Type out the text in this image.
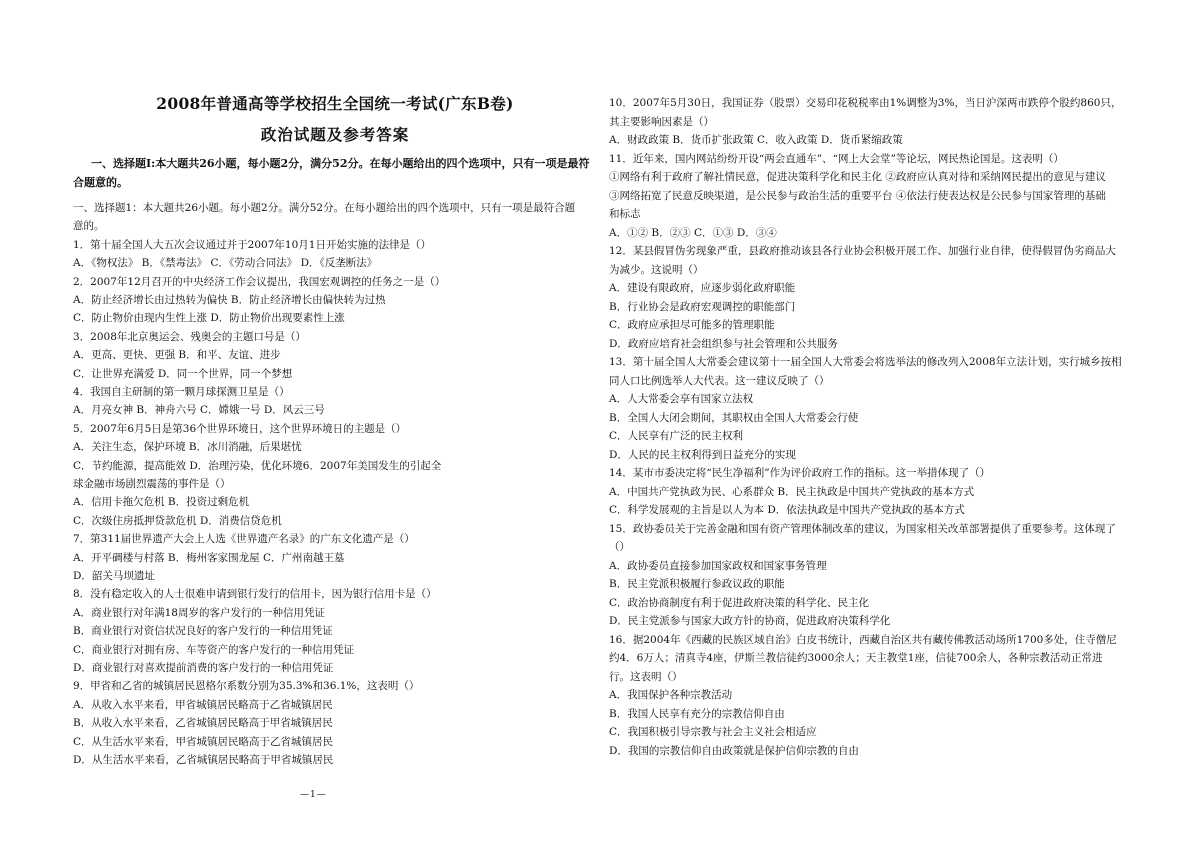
2008年普通高等学校招生全国统一考试(广东B卷)
政治试题及参考答案
一、选择题I:本大题共26小题，每小题2分，满分52分。在每小题给出的四个选项中，只有一项是最符合题意的。
一、选择题1：本大题共26小题。每小题2分。满分52分。在每小题给出的四个选项中，只有一项是最符合题
意的。
1．第十届全国人大五次会议通过并于2007年10月1日开始实施的法律是（）
A．《物权法》 B．《禁毒法》 C．《劳动合同法》 D．《反垄断法》
2．2007年12月召开的中央经济工作会议提出，我国宏观调控的任务之一是（）
A．防止经济增长由过热转为偏快 B．防止经济增长由偏快转为过热
C．防止物价由现内生性上涨 D．防止物价出现要素性上涨
3．2008年北京奥运会、残奥会的主题口号是（）
A．更高、更快、更强 B．和平、友谊、进步
C．让世界充满爱 D．同一个世界，同一个梦想
4．我国自主研制的第一颗月球探测卫星是（）
A．月亮女神 B．神舟六号 C．嫦娥一号 D．风云三号
5．2007年6月5日是第36个世界环境日，这个世界环境日的主题是（）
A．关注生态，保护环境 B．冰川消融，后果堪忧
C．节约能源，提高能效 D．治理污染，优化环境6．2007年美国发生的引起全
球金融市场剧烈震荡的事件是（）
A．信用卡拖欠危机 B．投资过剩危机
C．次级住房抵押贷款危机 D．消费信贷危机
7．第311届世界遗产大会上人选《世界遗产名录》的广东文化遗产是（）
A．开平碉楼与村落 B．梅州客家围龙屋 C．广州南越王墓
D．韶关马坝遗址
8．没有稳定收入的人士很难申请到银行发行的信用卡，因为银行信用卡是（）
A．商业银行对年满18周岁的客户发行的一种信用凭证
B．商业银行对资信状况良好的客户发行的一种信用凭证
C．商业银行对拥有房、车等资产的客户发行的一种信用凭证
D．商业银行对喜欢提前消费的客户发行的一种信用凭证
9．甲省和乙省的城镇居民恩格尔系数分别为35.3%和36.1%，这表明（）
A．从收入水平来看，甲省城镇居民略高于乙省城镇居民
B．从收入水平来看，乙省城镇居民略高于甲省城镇居民
C．从生活水平来看，甲省城镇居民略高于乙省城镇居民
D．从生活水平来看，乙省城镇居民略高于甲省城镇居民
10．2007年5月30日，我国证券（股票）交易印花税税率由1%调整为3%，当日沪深两市跌停个股约860只，
其主要影响因素是（）
A．财政政策 B．货币扩张政策 C．收入政策 D．货币紧缩政策
11．近年来，国内网站纷纷开设“两会直通车”、“网上大会堂”等论坛，网民热论国是。这表明（）
①网络有利于政府了解社情民意，促进决策科学化和民主化 ②政府应认真对待和采纳网民提出的意见与建议
③网络拓宽了民意反映渠道，是公民参与政治生活的重要平台 ④依法行使表达权是公民参与国家管理的基础
和标志
A．①② B．②③ C．①③ D．③④
12．某县假冒伪劣现象严重，县政府推动该县各行业协会积极开展工作、加强行业自律，使得假冒伪劣商品大
为减少。这说明（）
A．建设有限政府，应逐步弱化政府职能
B．行业协会是政府宏观调控的职能部门
C．政府应承担尽可能多的管理职能
D．政府应培育社会组织参与社会管理和公共服务
13．第十届全国人大常委会建议第十一届全国人大常委会将选举法的修改列入2008年立法计划，实行城乡按相
同人口比例选举人大代表。这一建议反映了（）
A．人大常委会享有国家立法权
B．全国人大闭会期间，其职权由全国人大常委会行使
C．人民享有广泛的民主权利
D．人民的民主权利得到日益充分的实现
14．某市市委决定将“民生净福利”作为评价政府工作的指标。这一举措体现了（）
A．中国共产党执政为民、心系群众 B．民主执政是中国共产党执政的基本方式
C．科学发展观的主旨是以人为本 D．依法执政是中国共产党执政的基本方式
15．政协委员关于完善金融和国有资产管理体制改革的建议，为国家相关改革部署提供了重要参考。这体现了
（）
A．政协委员直接参加国家政权和国家事务管理
B．民主党派积极履行参政议政的职能
C．政治协商制度有利于促进政府决策的科学化、民主化
D．民主党派参与国家大政方针的协商，促进政府决策科学化
16．据2004年《西藏的民族区域自治》白皮书统计，西藏自治区共有藏传佛教活动场所1700多处，住寺僧尼
约4．6万人；清真寺4座，伊斯兰教信徒约3000余人；天主教堂1座，信徒700余人，各种宗教活动正常进
行。这表明（）
A．我国保护各种宗教活动
B．我国人民享有充分的宗教信仰自由
C．我国积极引导宗教与社会主义社会相适应
D．我国的宗教信仰自由政策就是保护信仰宗教的自由
—1—
